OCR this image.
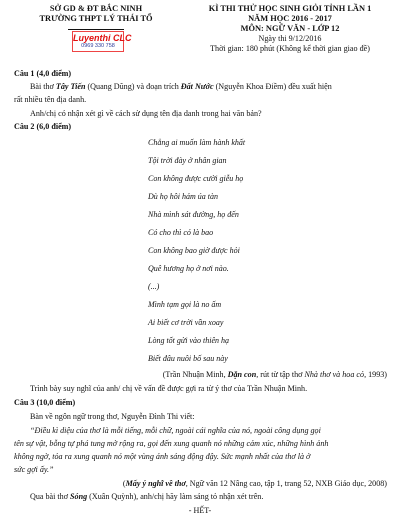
SỞ GD & ĐT BẮC NINH
TRƯỜNG THPT LÝ THÁI TỔ
Luyenthi CLC
0969 330 758
KÌ THI THỬ HỌC SINH GIỎI TỈNH LẦN 1
NĂM HỌC 2016 - 2017
MÔN: NGỮ VĂN - LỚP 12
Ngày thi 9/12/2016
Thời gian: 180 phút (Không kể thời gian giao đề)
Câu 1 (4,0 điểm)
Bài thơ Tây Tiến (Quang Dũng) và đoạn trích Đất Nước (Nguyễn Khoa Điềm) đều xuất hiện
rất nhiều tên địa danh.
Anh/chị có nhận xét gì về cách sử dụng tên địa danh trong hai văn bản?
Câu 2 (6,0 điểm)
Chẳng ai muốn làm hành khất
Tội trời đày ở nhân gian
Con không được cười giễu họ
Dù họ hôi hám úa tàn
Nhà mình sát đường, họ đến
Có cho thì có là bao
Con không bao giờ được hỏi
Quê hương họ ở nơi nào.
(...)
Mình tạm gọi là no ấm
Ai biết cơ trời vần xoay
Lòng tốt gửi vào thiên hạ
Biết đâu nuôi bố sau này
(Trần Nhuận Minh, Dặn con, rút từ tập thơ Nhà thơ và hoa cỏ, 1993)
Trình bày suy nghĩ của anh/ chị về vấn đề được gợi ra từ ý thơ của Trần Nhuận Minh.
Câu 3 (10,0 điểm)
Bàn về ngôn ngữ trong thơ, Nguyễn Đình Thi viết:
“Điều kì diệu của thơ là mỗi tiếng, mỗi chữ, ngoài cái nghĩa của nó, ngoài công dụng gọi
tên sự vật, bỗng tự phá tung mở rộng ra, gọi đến xung quanh nó những cảm xúc, những hình ảnh
không ngờ, tỏa ra xung quanh nó một vùng ánh sáng động đậy. Sức mạnh nhất của thơ là ở
sức gợi ấy.”
(Mấy ý nghĩ về thơ, Ngữ văn 12 Nâng cao, tập 1, trang 52, NXB Giáo dục, 2008)
Qua bài thơ Sóng (Xuân Quỳnh), anh/chị hãy làm sáng tỏ nhận xét trên.
- HẾT-
